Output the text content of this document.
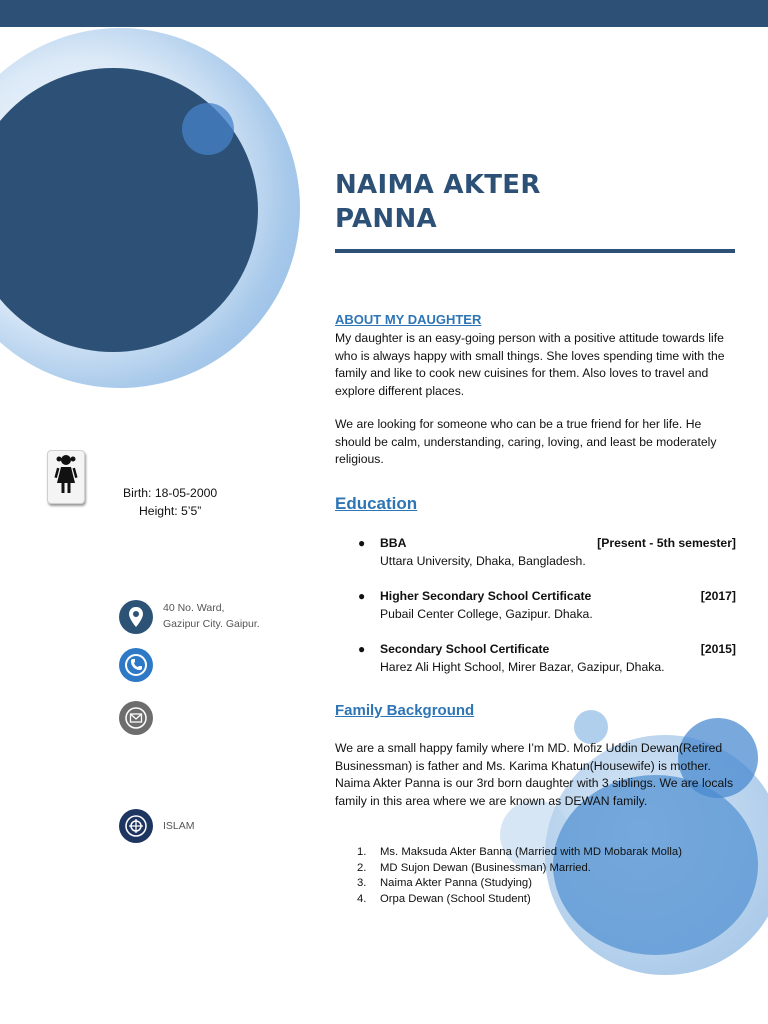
NAIMA AKTER
PANNA
ABOUT MY DAUGHTER

My daughter is an easy-going person with a positive attitude towards life who is always happy with small things. She loves spending time with the family and like to cook new cuisines for them. Also loves to travel and explore different places.

We are looking for someone who can be a true friend for her life. He should be calm, understanding, caring, loving, and least be moderately religious.

Education
● BBA	[Present - 5th semester]
Uttara University, Dhaka, Bangladesh.
● Higher Secondary School Certificate	[2017]
Pubail Center College, Gazipur. Dhaka.
● Secondary School Certificate	[2015]
Harez Ali Hight School, Mirer Bazar, Gazipur, Dhaka.
Family Background

We are a small happy family where I’m MD. Mofiz Uddin Dewan(Retired Businessman) is father and Ms. Karima Khatun(Housewife) is mother. Naima Akter Panna is our 3rd born daughter with 3 siblings. We are locals family in this area where we are known as DEWAN family.

1.	Ms. Maksuda Akter Banna (Married with MD Mobarak Molla)
2.	MD Sujon Dewan (Businessman) Married.
3.	Naima Akter Panna (Studying)
4.	Orpa Dewan (School Student)
Birth: 18-05-2000
Height: 5’5”
40 No. Ward,
Gazipur City. Gaipur.
ISLAM
